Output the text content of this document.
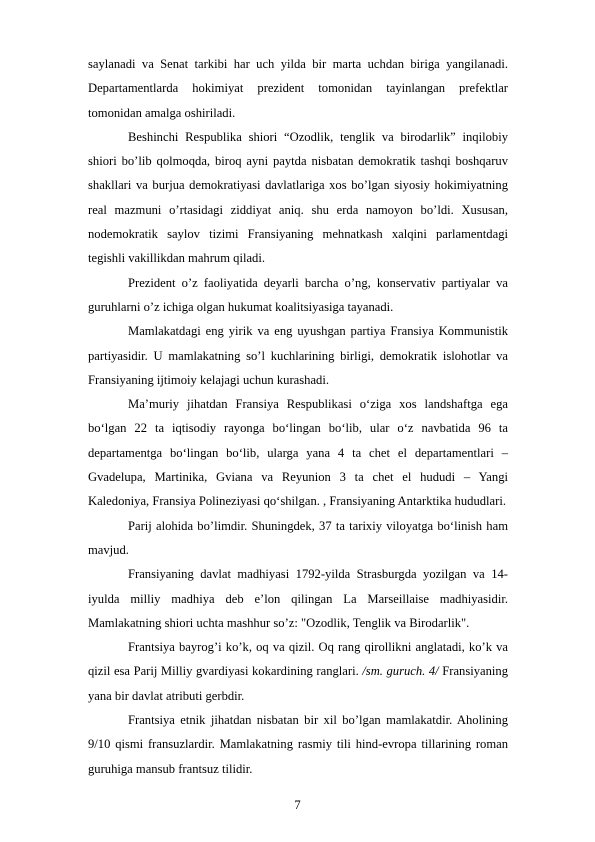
saylanadi va Senat tarkibi har uch yilda bir marta uchdan biriga yangilanadi. Departamentlarda hokimiyat prezident tomonidan tayinlangan prefektlar tomonidan amalga oshiriladi.

Beshinchi Respublika shiori “Ozodlik, tenglik va birodarlik” inqilobiy shiori bo’lib qolmoqda, biroq ayni paytda nisbatan demokratik tashqi boshqaruv shakllari va burjua demokratiyasi davlatlariga xos bo’lgan siyosiy hokimiyatning real mazmuni o’rtasidagi ziddiyat aniq. shu erda namoyon bo’ldi. Xususan, nodemokratik saylov tizimi Fransiyaning mehnatkash xalqini parlamentdagi tegishli vakillikdan mahrum qiladi.

Prezident o’z faoliyatida deyarli barcha o’ng, konservativ partiyalar va guruhlarni o’z ichiga olgan hukumat koalitsiyasiga tayanadi.

Mamlakatdagi eng yirik va eng uyushgan partiya Fransiya Kommunistik partiyasidir. U mamlakatning so’l kuchlarining birligi, demokratik islohotlar va Fransiyaning ijtimoiy kelajagi uchun kurashadi.

Ma’muriy jihatdan Fransiya Respublikasi o‘ziga xos landshaftga ega bo‘lgan 22 ta iqtisodiy rayonga bo‘lingan bo‘lib, ular o‘z navbatida 96 ta departamentga bo‘lingan bo‘lib, ularga yana 4 ta chet el departamentlari – Gvadelupa, Martinika, Gviana va Reyunion 3 ta chet el hududi – Yangi Kaledoniya, Fransiya Polineziyasi qo‘shilgan. , Fransiyaning Antarktika hududlari.

Parij alohida bo’limdir. Shuningdek, 37 ta tarixiy viloyatga bo‘linish ham mavjud.

Fransiyaning davlat madhiyasi 1792-yilda Strasburgda yozilgan va 14-iyulda milliy madhiya deb e’lon qilingan La Marseillaise madhiyasidir. Mamlakatning shiori uchta mashhur so’z: "Ozodlik, Tenglik va Birodarlik".

Frantsiya bayrog’i ko’k, oq va qizil. Oq rang qirollikni anglatadi, ko’k va qizil esa Parij Milliy gvardiyasi kokardining ranglari. /sm. guruch. 4/ Fransiyaning yana bir davlat atributi gerbdir.

Frantsiya etnik jihatdan nisbatan bir xil bo’lgan mamlakatdir. Aholining 9/10 qismi fransuzlardir. Mamlakatning rasmiy tili hind-evropa tillarining roman guruhiga mansub frantsuz tilidir.

7
